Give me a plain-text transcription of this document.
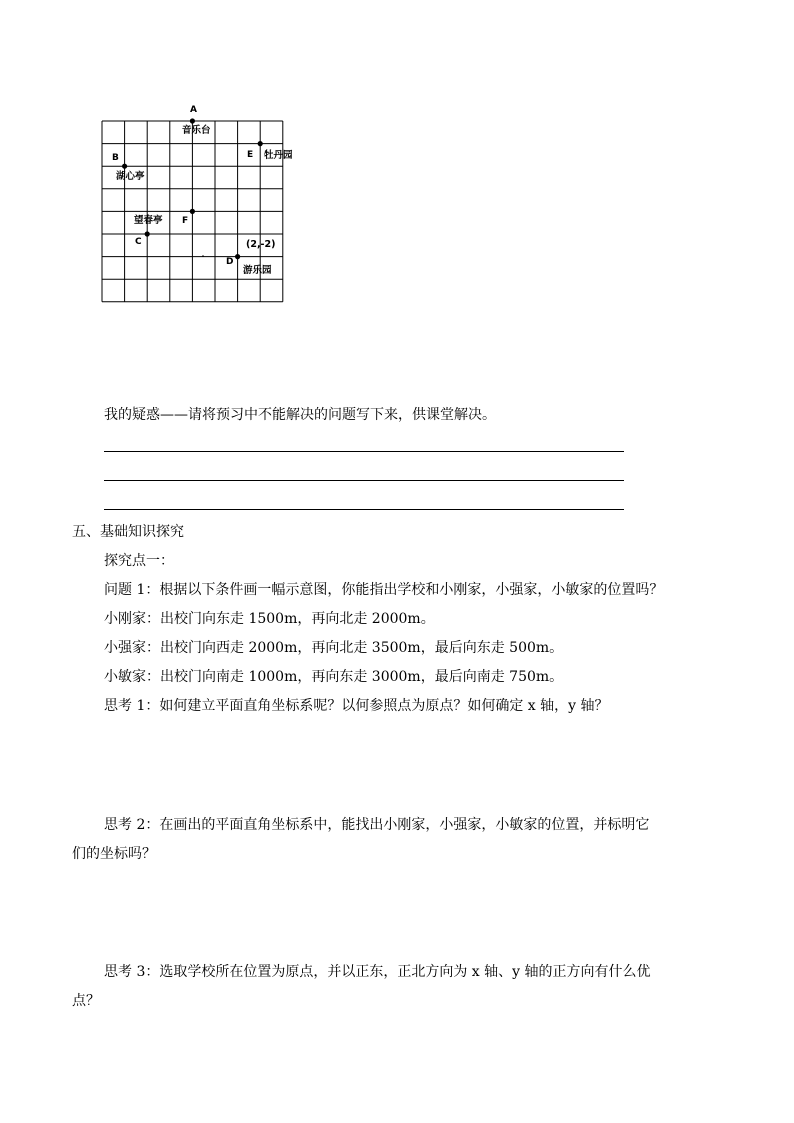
A
音乐台
E 牡丹园
B
湖心亭
望春亭 F
C	(2,-2)
D
游乐园
我的疑惑——请将预习中不能解决的问题写下来，供课堂解决。
五、基础知识探究
探究点一：
问题 1：根据以下条件画一幅示意图，你能指出学校和小刚家，小强家，小敏家的位置吗？
小刚家：出校门向东走 1500m，再向北走 2000m。
小强家：出校门向西走 2000m，再向北走 3500m，最后向东走 500m。
小敏家：出校门向南走 1000m，再向东走 3000m，最后向南走 750m。
思考 1：如何建立平面直角坐标系呢？以何参照点为原点？如何确定 x 轴，y 轴？
思考 2：在画出的平面直角坐标系中，能找出小刚家，小强家，小敏家的位置，并标明它
们的坐标吗？
思考 3：选取学校所在位置为原点，并以正东，正北方向为 x 轴、y 轴的正方向有什么优
点？
